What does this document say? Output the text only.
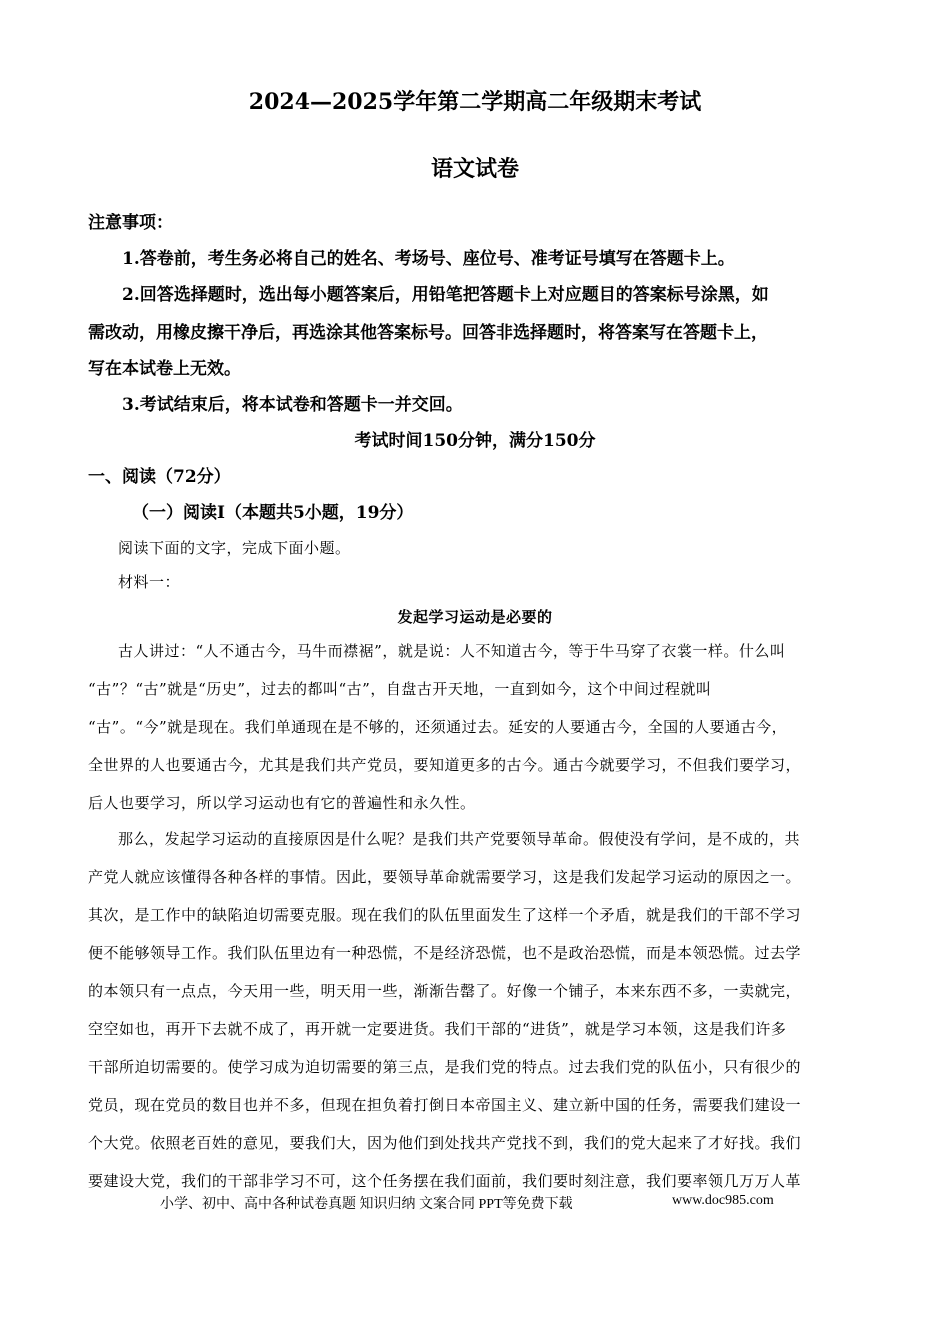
2024—2025学年第二学期高二年级期末考试
语文试卷
注意事项：
1.答卷前，考生务必将自己的姓名、考场号、座位号、准考证号填写在答题卡上。
2.回答选择题时，选出每小题答案后，用铅笔把答题卡上对应题目的答案标号涂黑，如
需改动，用橡皮擦干净后，再选涂其他答案标号。回答非选择题时，将答案写在答题卡上，
写在本试卷上无效。
3.考试结束后，将本试卷和答题卡一并交回。
考试时间150分钟，满分150分
一、阅读（72分）
（一）阅读Ⅰ（本题共5小题，19分）
阅读下面的文字，完成下面小题。
材料一：
发起学习运动是必要的
古人讲过：“人不通古今，马牛而襟裾”，就是说：人不知道古今，等于牛马穿了衣裳一样。什么叫
“古”？“古”就是“历史”，过去的都叫“古”，自盘古开天地，一直到如今，这个中间过程就叫
“古”。“今”就是现在。我们单通现在是不够的，还须通过去。延安的人要通古今，全国的人要通古今，
全世界的人也要通古今，尤其是我们共产党员，要知道更多的古今。通古今就要学习，不但我们要学习，
后人也要学习，所以学习运动也有它的普遍性和永久性。
那么，发起学习运动的直接原因是什么呢？是我们共产党要领导革命。假使没有学问，是不成的，共
产党人就应该懂得各种各样的事情。因此，要领导革命就需要学习，这是我们发起学习运动的原因之一。
其次，是工作中的缺陷迫切需要克服。现在我们的队伍里面发生了这样一个矛盾，就是我们的干部不学习
便不能够领导工作。我们队伍里边有一种恐慌，不是经济恐慌，也不是政治恐慌，而是本领恐慌。过去学
的本领只有一点点，今天用一些，明天用一些，渐渐告罄了。好像一个铺子，本来东西不多，一卖就完，
空空如也，再开下去就不成了，再开就一定要进货。我们干部的“进货”，就是学习本领，这是我们许多
干部所迫切需要的。使学习成为迫切需要的第三点，是我们党的特点。过去我们党的队伍小，只有很少的
党员，现在党员的数目也并不多，但现在担负着打倒日本帝国主义、建立新中国的任务，需要我们建设一
个大党。依照老百姓的意见，要我们大，因为他们到处找共产党找不到，我们的党大起来了才好找。我们
要建设大党，我们的干部非学习不可，这个任务摆在我们面前，我们要时刻注意，我们要率领几万万人革
小学、初中、高中各种试卷真题 知识归纳 文案合同 PPT等免费下载	www.doc985.com
